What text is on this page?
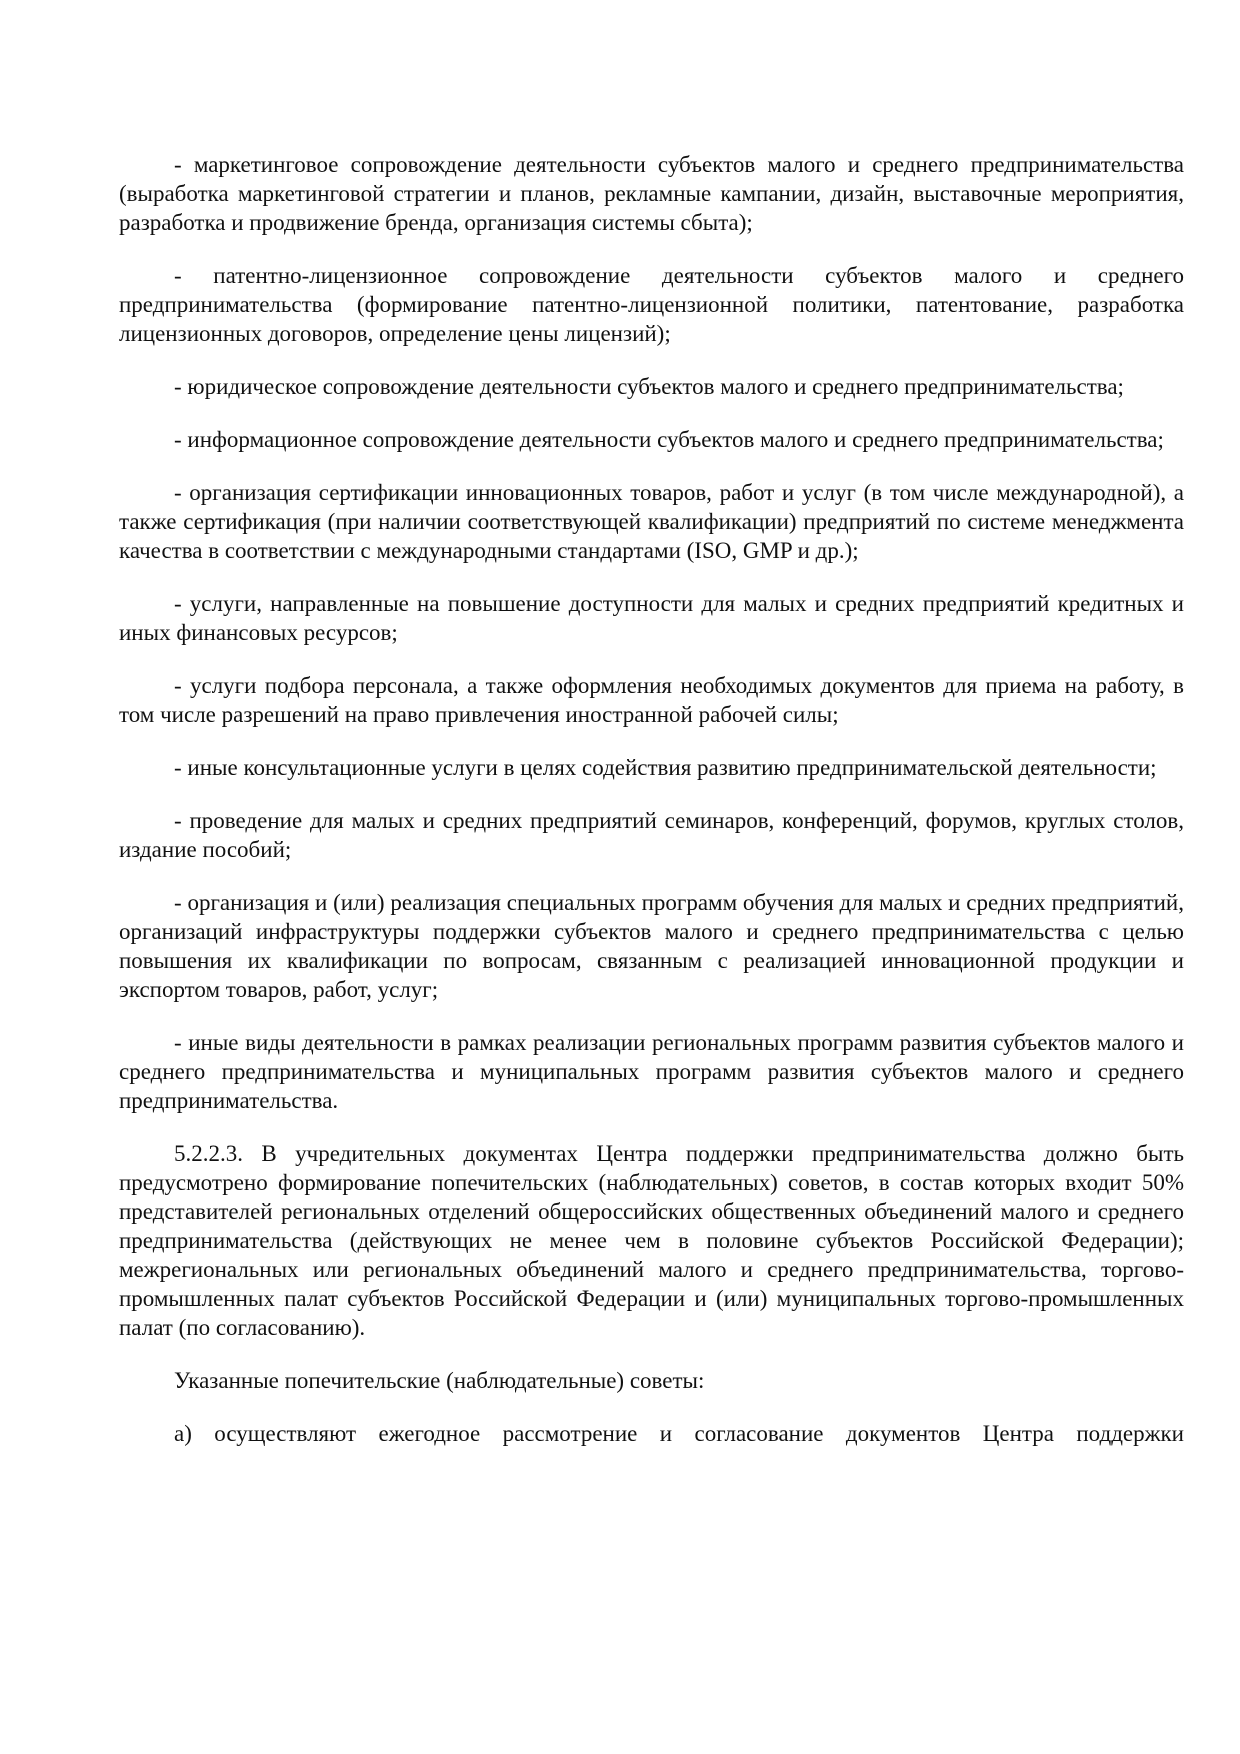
- маркетинговое сопровождение деятельности субъектов малого и среднего предпринимательства (выработка маркетинговой стратегии и планов, рекламные кампании, дизайн, выставочные мероприятия, разработка и продвижение бренда, организация системы сбыта);

- патентно-лицензионное сопровождение деятельности субъектов малого и среднего предпринимательства (формирование патентно-лицензионной политики, патентование, разработка лицензионных договоров, определение цены лицензий);

- юридическое сопровождение деятельности субъектов малого и среднего предпринимательства;

- информационное сопровождение деятельности субъектов малого и среднего предпринимательства;

- организация сертификации инновационных товаров, работ и услуг (в том числе международной), а также сертификация (при наличии соответствующей квалификации) предприятий по системе менеджмента качества в соответствии с международными стандартами (ISO, GMP и др.);

- услуги, направленные на повышение доступности для малых и средних предприятий кредитных и иных финансовых ресурсов;

- услуги подбора персонала, а также оформления необходимых документов для приема на работу, в том числе разрешений на право привлечения иностранной рабочей силы;

- иные консультационные услуги в целях содействия развитию предпринимательской деятельности;

- проведение для малых и средних предприятий семинаров, конференций, форумов, круглых столов, издание пособий;

- организация и (или) реализация специальных программ обучения для малых и средних предприятий, организаций инфраструктуры поддержки субъектов малого и среднего предпринимательства с целью повышения их квалификации по вопросам, связанным с реализацией инновационной продукции и экспортом товаров, работ, услуг;

- иные виды деятельности в рамках реализации региональных программ развития субъектов малого и среднего предпринимательства и муниципальных программ развития субъектов малого и среднего предпринимательства.

5.2.2.3. В учредительных документах Центра поддержки предпринимательства должно быть предусмотрено формирование попечительских (наблюдательных) советов, в состав которых входит 50% представителей региональных отделений общероссийских общественных объединений малого и среднего предпринимательства (действующих не менее чем в половине субъектов Российской Федерации); межрегиональных или региональных объединений малого и среднего предпринимательства, торгово-промышленных палат субъектов Российской Федерации и (или) муниципальных торгово-промышленных палат (по согласованию).

Указанные попечительские (наблюдательные) советы:

а) осуществляют ежегодное рассмотрение и согласование документов Центра поддержки
